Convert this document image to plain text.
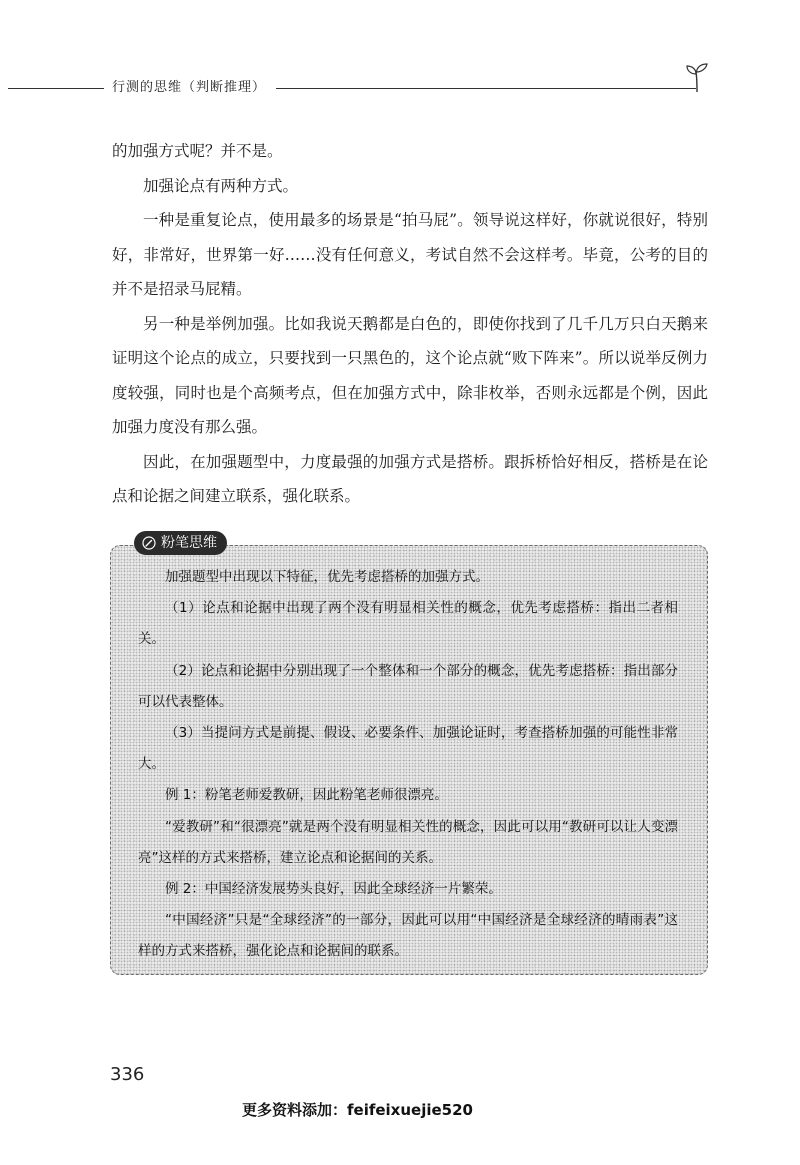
行测的思维（判断推理）

的加强方式呢？并不是。

加强论点有两种方式。

一种是重复论点，使用最多的场景是“拍马屁”。领导说这样好，你就说很好，特别好，非常好，世界第一好……没有任何意义，考试自然不会这样考。毕竟，公考的目的并不是招录马屁精。

另一种是举例加强。比如我说天鹅都是白色的，即使你找到了几千几万只白天鹅来证明这个论点的成立，只要找到一只黑色的，这个论点就“败下阵来”。所以说举反例力度较强，同时也是个高频考点，但在加强方式中，除非枚举，否则永远都是个例，因此加强力度没有那么强。

因此，在加强题型中，力度最强的加强方式是搭桥。跟拆桥恰好相反，搭桥是在论点和论据之间建立联系，强化联系。

粉笔思维

加强题型中出现以下特征，优先考虑搭桥的加强方式。

（1）论点和论据中出现了两个没有明显相关性的概念，优先考虑搭桥：指出二者相关。

（2）论点和论据中分别出现了一个整体和一个部分的概念，优先考虑搭桥：指出部分可以代表整体。

（3）当提问方式是前提、假设、必要条件、加强论证时，考查搭桥加强的可能性非常大。

例 1：粉笔老师爱教研，因此粉笔老师很漂亮。

“爱教研”和“很漂亮”就是两个没有明显相关性的概念，因此可以用“教研可以让人变漂亮”这样的方式来搭桥，建立论点和论据间的关系。

例 2：中国经济发展势头良好，因此全球经济一片繁荣。

“中国经济”只是“全球经济”的一部分，因此可以用“中国经济是全球经济的晴雨表”这样的方式来搭桥，强化论点和论据间的联系。

336
更多资料添加：feifeixuejie520
